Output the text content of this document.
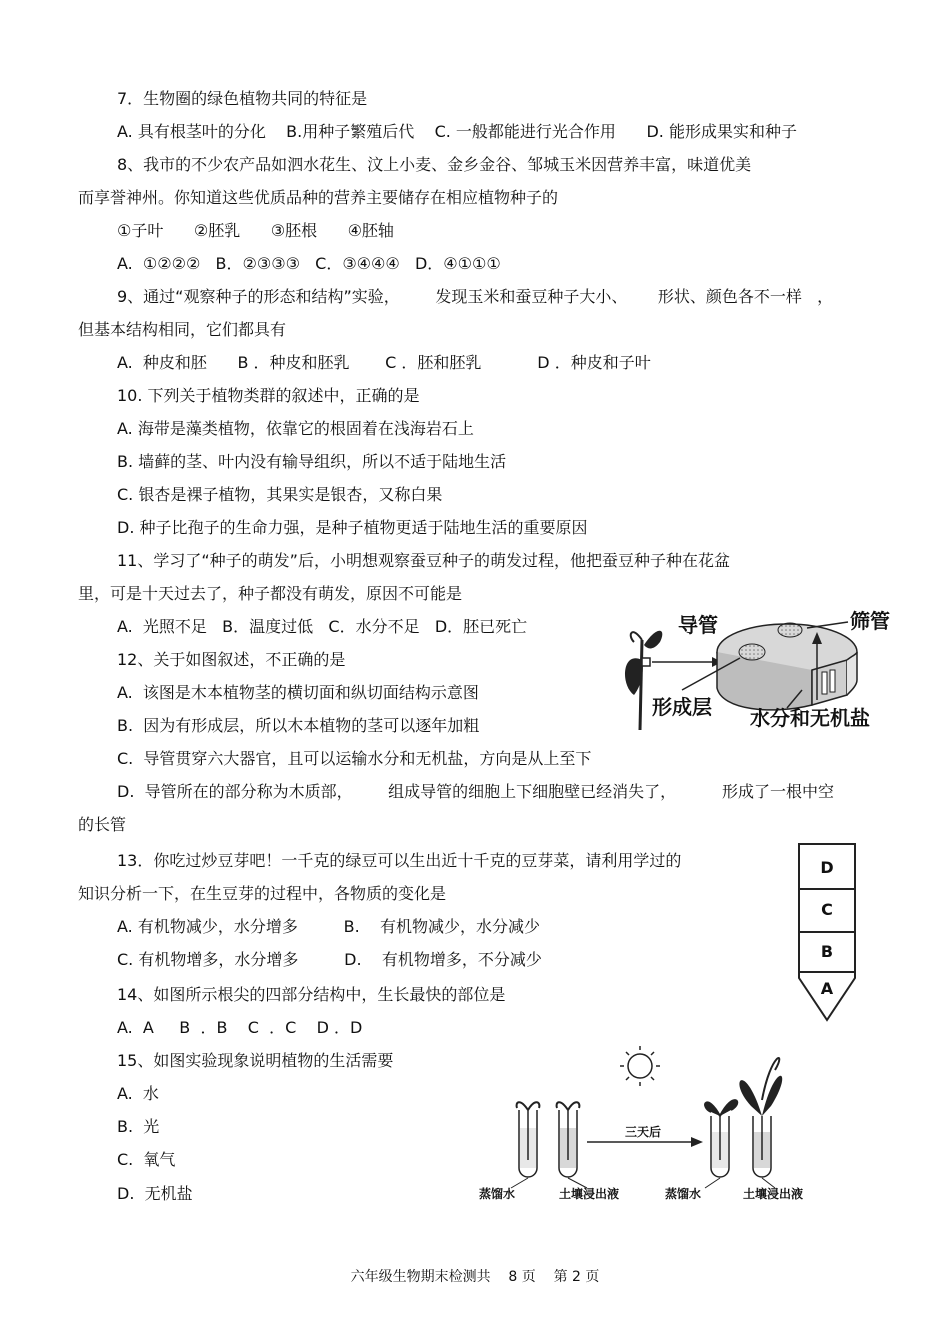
7．生物圈的绿色植物共同的特征是
A. 具有根茎叶的分化    B.用种子繁殖后代    C. 一般都能进行光合作用      D. 能形成果实和种子
8、我市的不少农产品如泗水花生、汶上小麦、金乡金谷、邹城玉米因营养丰富，味道优美
而享誉神州。你知道这些优质品种的营养主要储存在相应植物种子的
①子叶      ②胚乳      ③胚根      ④胚轴
A.  ①②②②   B．②③③③   C．③④④④   D．④①①①
9、通过“观察种子的形态和结构”实验，       发现玉米和蚕豆种子大小、      形状、颜色各不一样   ，
但基本结构相同，它们都具有
A.  种皮和胚      B ．种皮和胚乳       C ．胚和胚乳           D ．种皮和子叶
10. 下列关于植物类群的叙述中，正确的是
A. 海带是藻类植物，依靠它的根固着在浅海岩石上
B. 墙藓的茎、叶内没有输导组织，所以不适于陆地生活
C. 银杏是裸子植物，其果实是银杏，又称白果
D. 种子比孢子的生命力强，是种子植物更适于陆地生活的重要原因
11、学习了“种子的萌发”后，小明想观察蚕豆种子的萌发过程，他把蚕豆种子种在花盆
里，可是十天过去了，种子都没有萌发，原因不可能是
A.  光照不足   B．温度过低   C．水分不足   D．胚已死亡
12、关于如图叙述，不正确的是
A.  该图是木本植物茎的横切面和纵切面结构示意图
B.  因为有形成层，所以木本植物的茎可以逐年加粗
C.  导管贯穿六大器官，且可以运输水分和无机盐，方向是从上至下
D.  导管所在的部分称为木质部，       组成导管的细胞上下细胞壁已经消失了，         形成了一根中空
的长管
导管	筛管
形成层 水分和无机盐
13．你吃过炒豆芽吧！一千克的绿豆可以生出近十千克的豆芽菜，请利用学过的
知识分析一下，在生豆芽的过程中，各物质的变化是
A. 有机物减少，水分增多         B.    有机物减少，水分减少
C. 有机物增多，水分增多         D.    有机物增多，不分减少
D
C
B
A
14、如图所示根尖的四部分结构中，生长最快的部位是
A.  A     B  ．B    C  ．C    D ．D
15、如图实验现象说明植物的生活需要
A.  水
B.  光
C.  氧气
D.  无机盐
三天后
蒸馏水	土壤浸出液	蒸馏水	土壤浸出液
六年级生物期末检测共    8 页    第 2 页
